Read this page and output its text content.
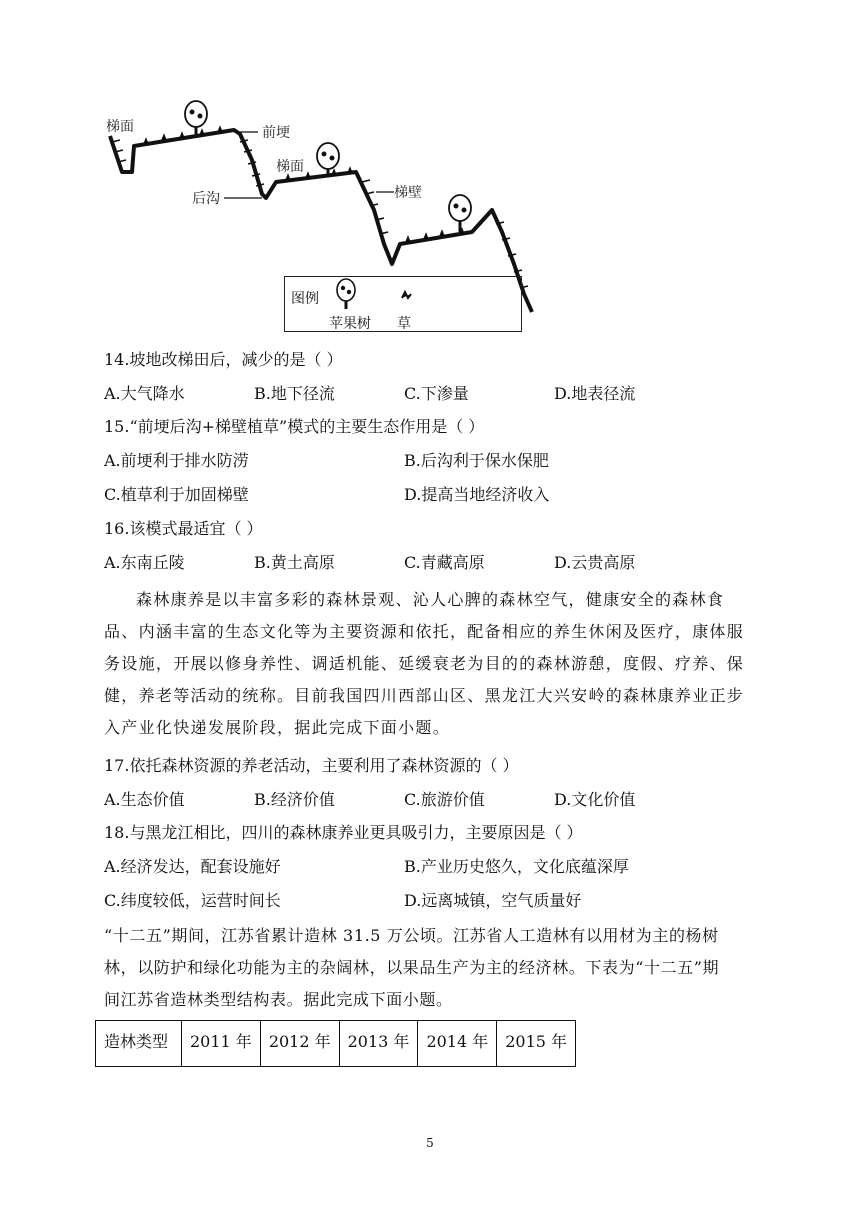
梯面	前埂
梯面
后沟	梯壁
图例
苹果树 草
14.坡地改梯田后，减少的是（ ）
A.大气降水	B.地下径流	C.下渗量	D.地表径流
15.“前埂后沟+梯壁植草”模式的主要生态作用是（ ）
A.前埂利于排水防涝	B.后沟利于保水保肥
C.植草利于加固梯壁	D.提高当地经济收入
16.该模式最适宜（ ）
A.东南丘陵	B.黄土高原	C.青藏高原	D.云贵高原

森林康养是以丰富多彩的森林景观、沁人心脾的森林空气，健康安全的森林食

品、内涵丰富的生态文化等为主要资源和依托，配备相应的养生休闲及医疗，康体服

务设施，开展以修身养性、调适机能、延缓衰老为目的的森林游憩，度假、疗养、保

健，养老等活动的统称。目前我国四川西部山区、黑龙江大兴安岭的森林康养业正步

入产业化快递发展阶段，据此完成下面小题。

17.依托森林资源的养老活动，主要利用了森林资源的（ ）
A.生态价值	B.经济价值	C.旅游价值	D.文化价值
18.与黑龙江相比，四川的森林康养业更具吸引力，主要原因是（ ）
A.经济发达，配套设施好	B.产业历史悠久，文化底蕴深厚
C.纬度较低，运营时间长	D.远离城镇，空气质量好

“十二五”期间，江苏省累计造林 31.5 万公顷。江苏省人工造林有以用材为主的杨树

林，以防护和绿化功能为主的杂阔林，以果品生产为主的经济林。下表为“十二五”期

间江苏省造林类型结构表。据此完成下面小题。

造林类型	2011 年	2012 年	2013 年	2014 年	2015 年
5
